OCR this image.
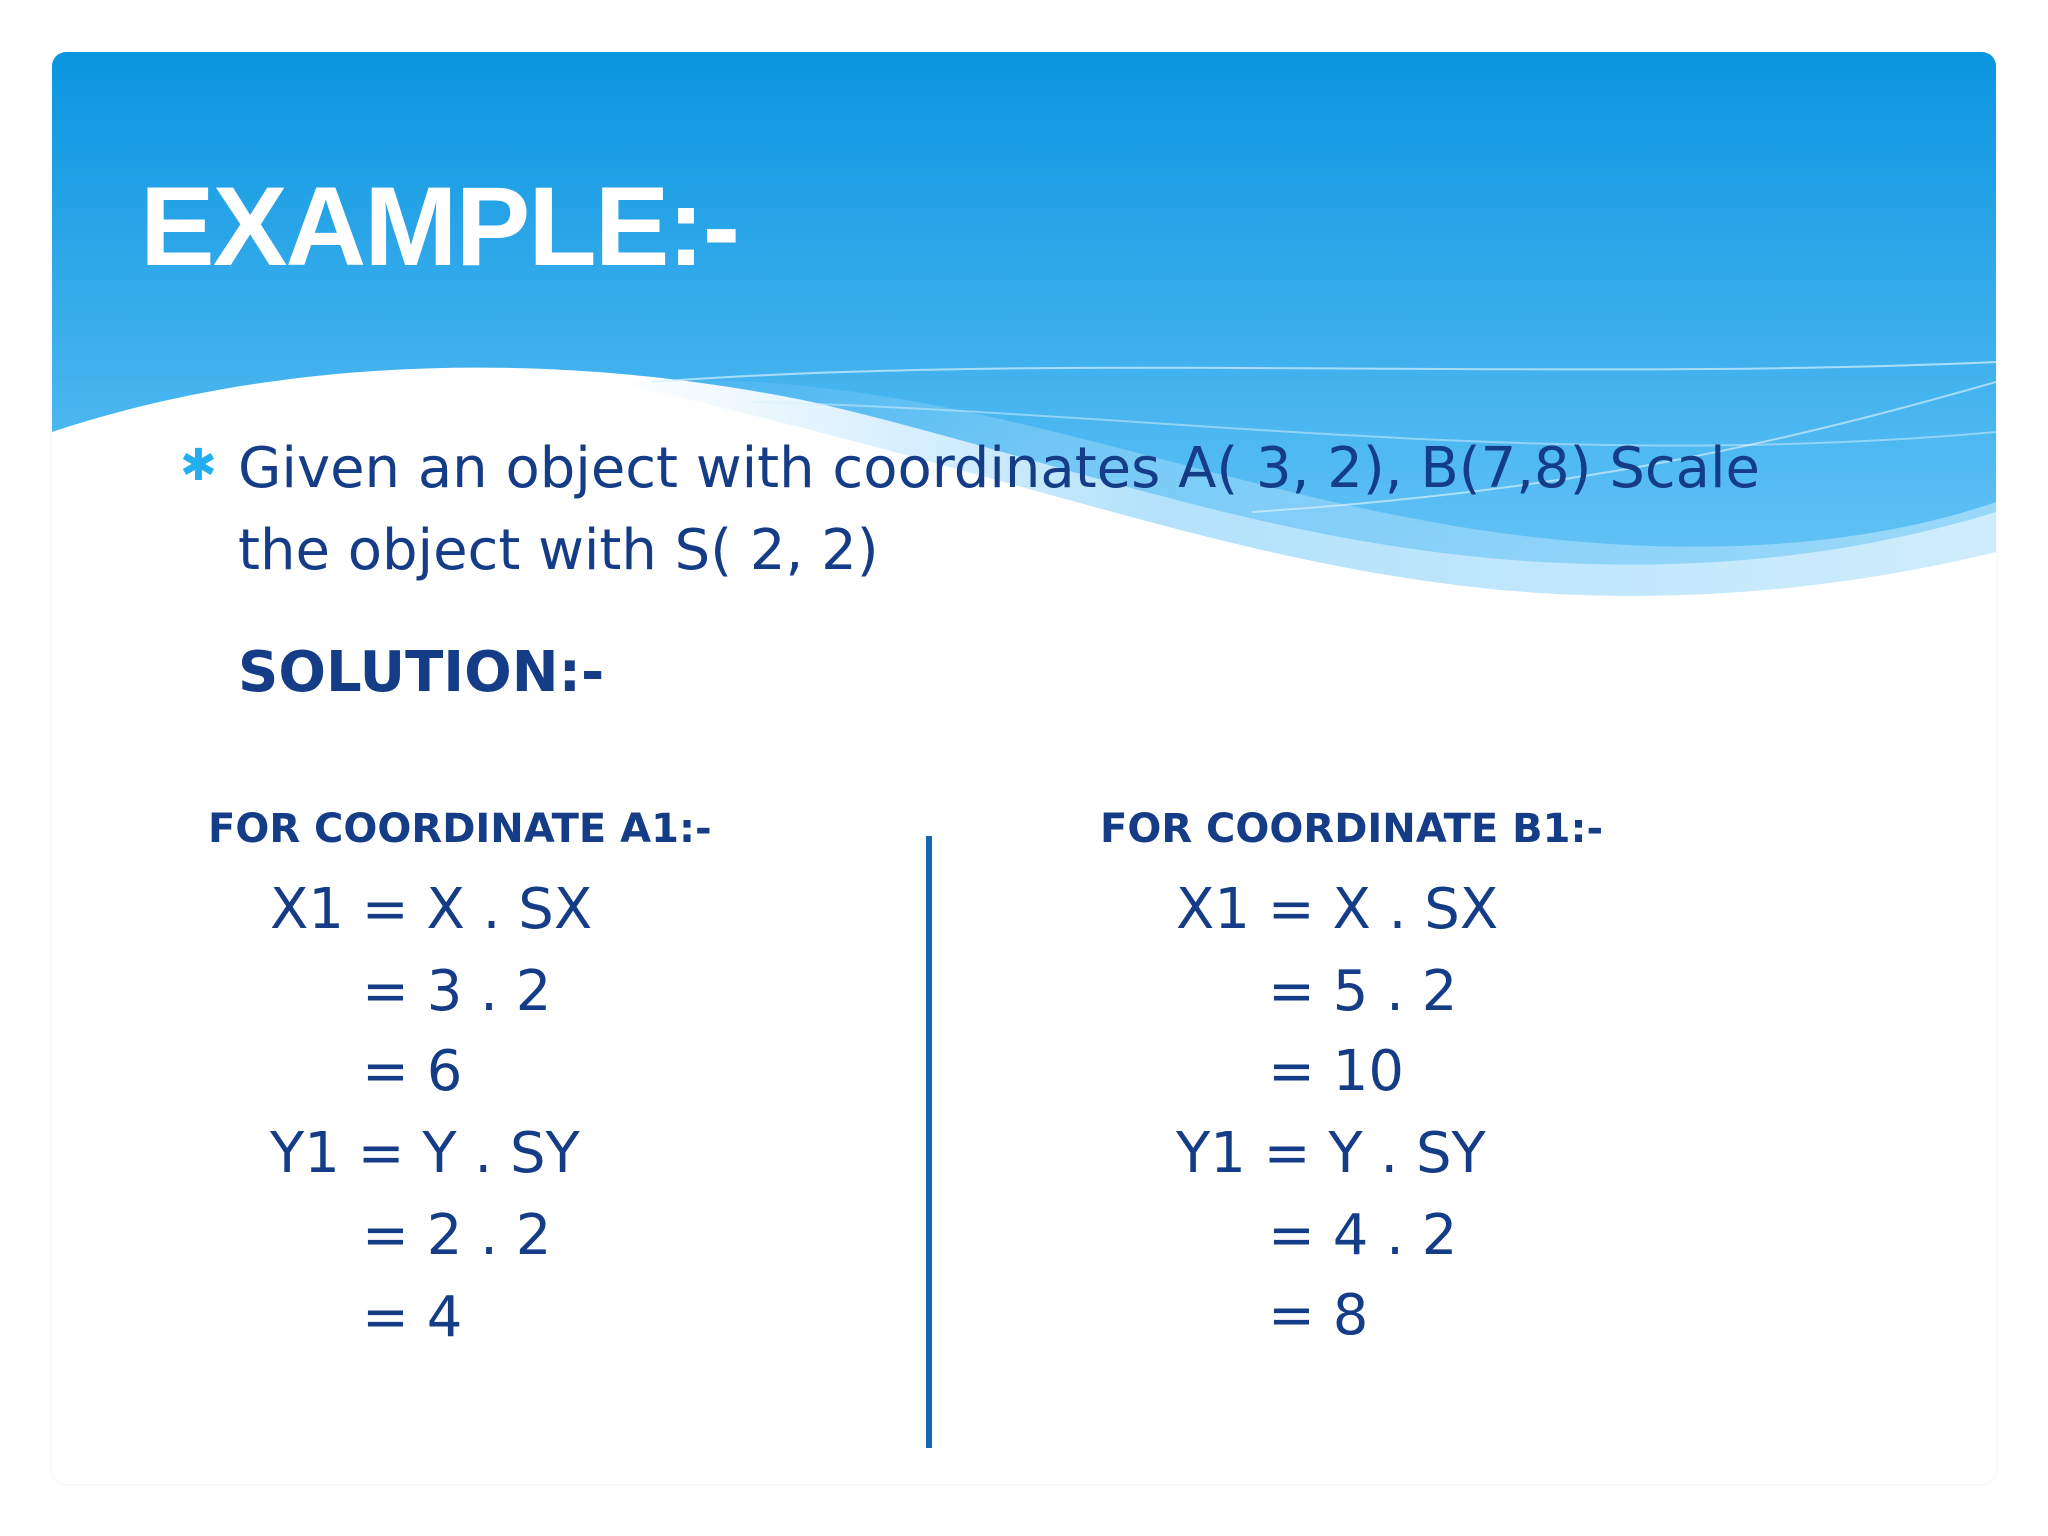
EXAMPLE:-
✱ Given an object with coordinates A( 3, 2), B(7,8) Scale the object with S( 2, 2)

SOLUTION:-
FOR COORDINATE A1:-	FOR COORDINATE B1:-
X1 = X . SX
= 3 . 2
= 6
Y1 = Y . SY
= 2 . 2
= 4
X1 = X . SX
= 5 . 2
= 10
Y1 = Y . SY
= 4 . 2
= 8
